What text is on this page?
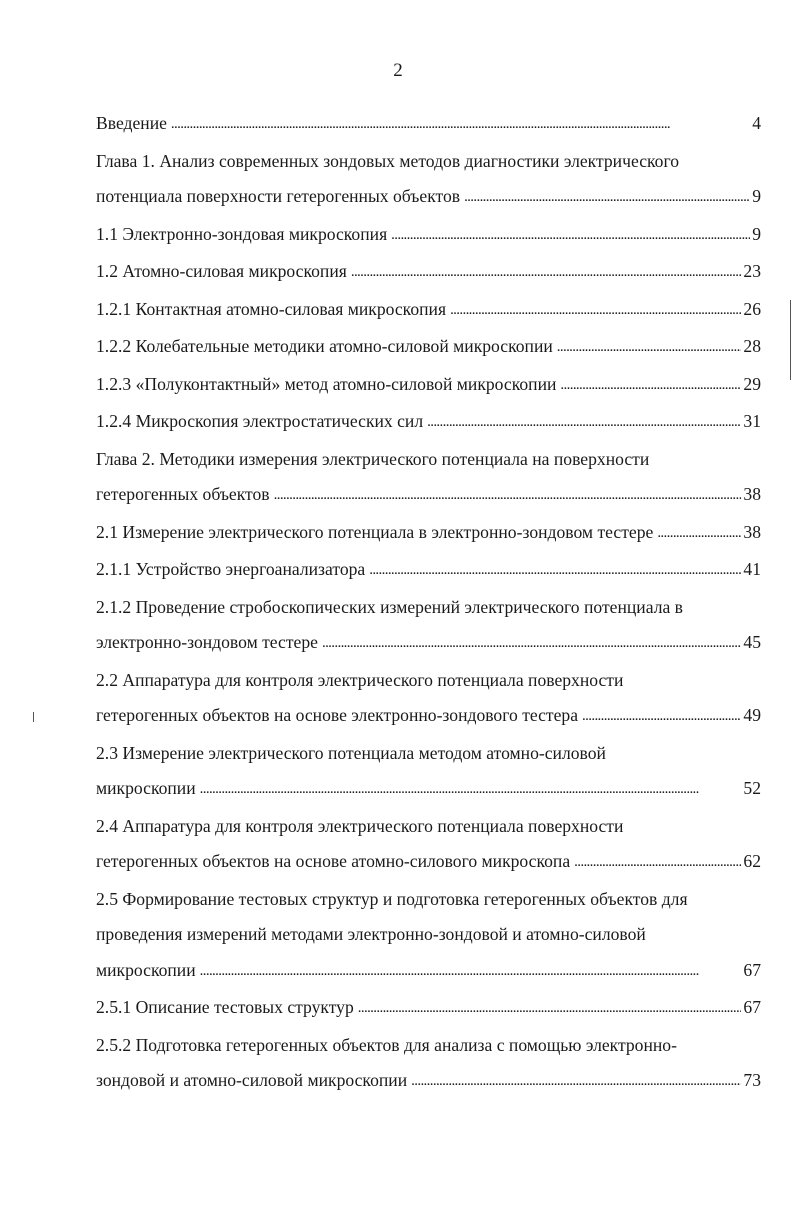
2
Введение . . .	4
Глава 1. Анализ современных зондовых методов диагностики электрического
потенциала поверхности гетерогенных объектов . . .	9
1.1 Электронно-зондовая микроскопия . . .	9
1.2 Атомно-силовая микроскопия . . .	23
1.2.1 Контактная атомно-силовая микроскопия . . .	26
1.2.2 Колебательные методики атомно-силовой микроскопии . . .	28
1.2.3 «Полуконтактный» метод атомно-силовой микроскопии . . .	29
1.2.4 Микроскопия электростатических сил . . .	31
Глава 2. Методики измерения электрического потенциала на поверхности
гетерогенных объектов . . .	38
2.1 Измерение электрического потенциала в электронно-зондовом тестере . . .	38
2.1.1 Устройство энергоанализатора . . .	41
2.1.2 Проведение стробоскопических измерений электрического потенциала в
электронно-зондовом тестере . . .	45
2.2 Аппаратура для контроля электрического потенциала поверхности
гетерогенных объектов на основе электронно-зондового тестера . . .	49
2.3 Измерение электрического потенциала методом атомно-силовой
микроскопии . . .	52
2.4 Аппаратура для контроля электрического потенциала поверхности
гетерогенных объектов на основе атомно-силового микроскопа . . .	62
2.5 Формирование тестовых структур и подготовка гетерогенных объектов для
проведения измерений методами электронно-зондовой и атомно-силовой
микроскопии . . .	67
2.5.1 Описание тестовых структур . . .	67
2.5.2 Подготовка гетерогенных объектов для анализа с помощью электронно-
зондовой и атомно-силовой микроскопии . . .	73
